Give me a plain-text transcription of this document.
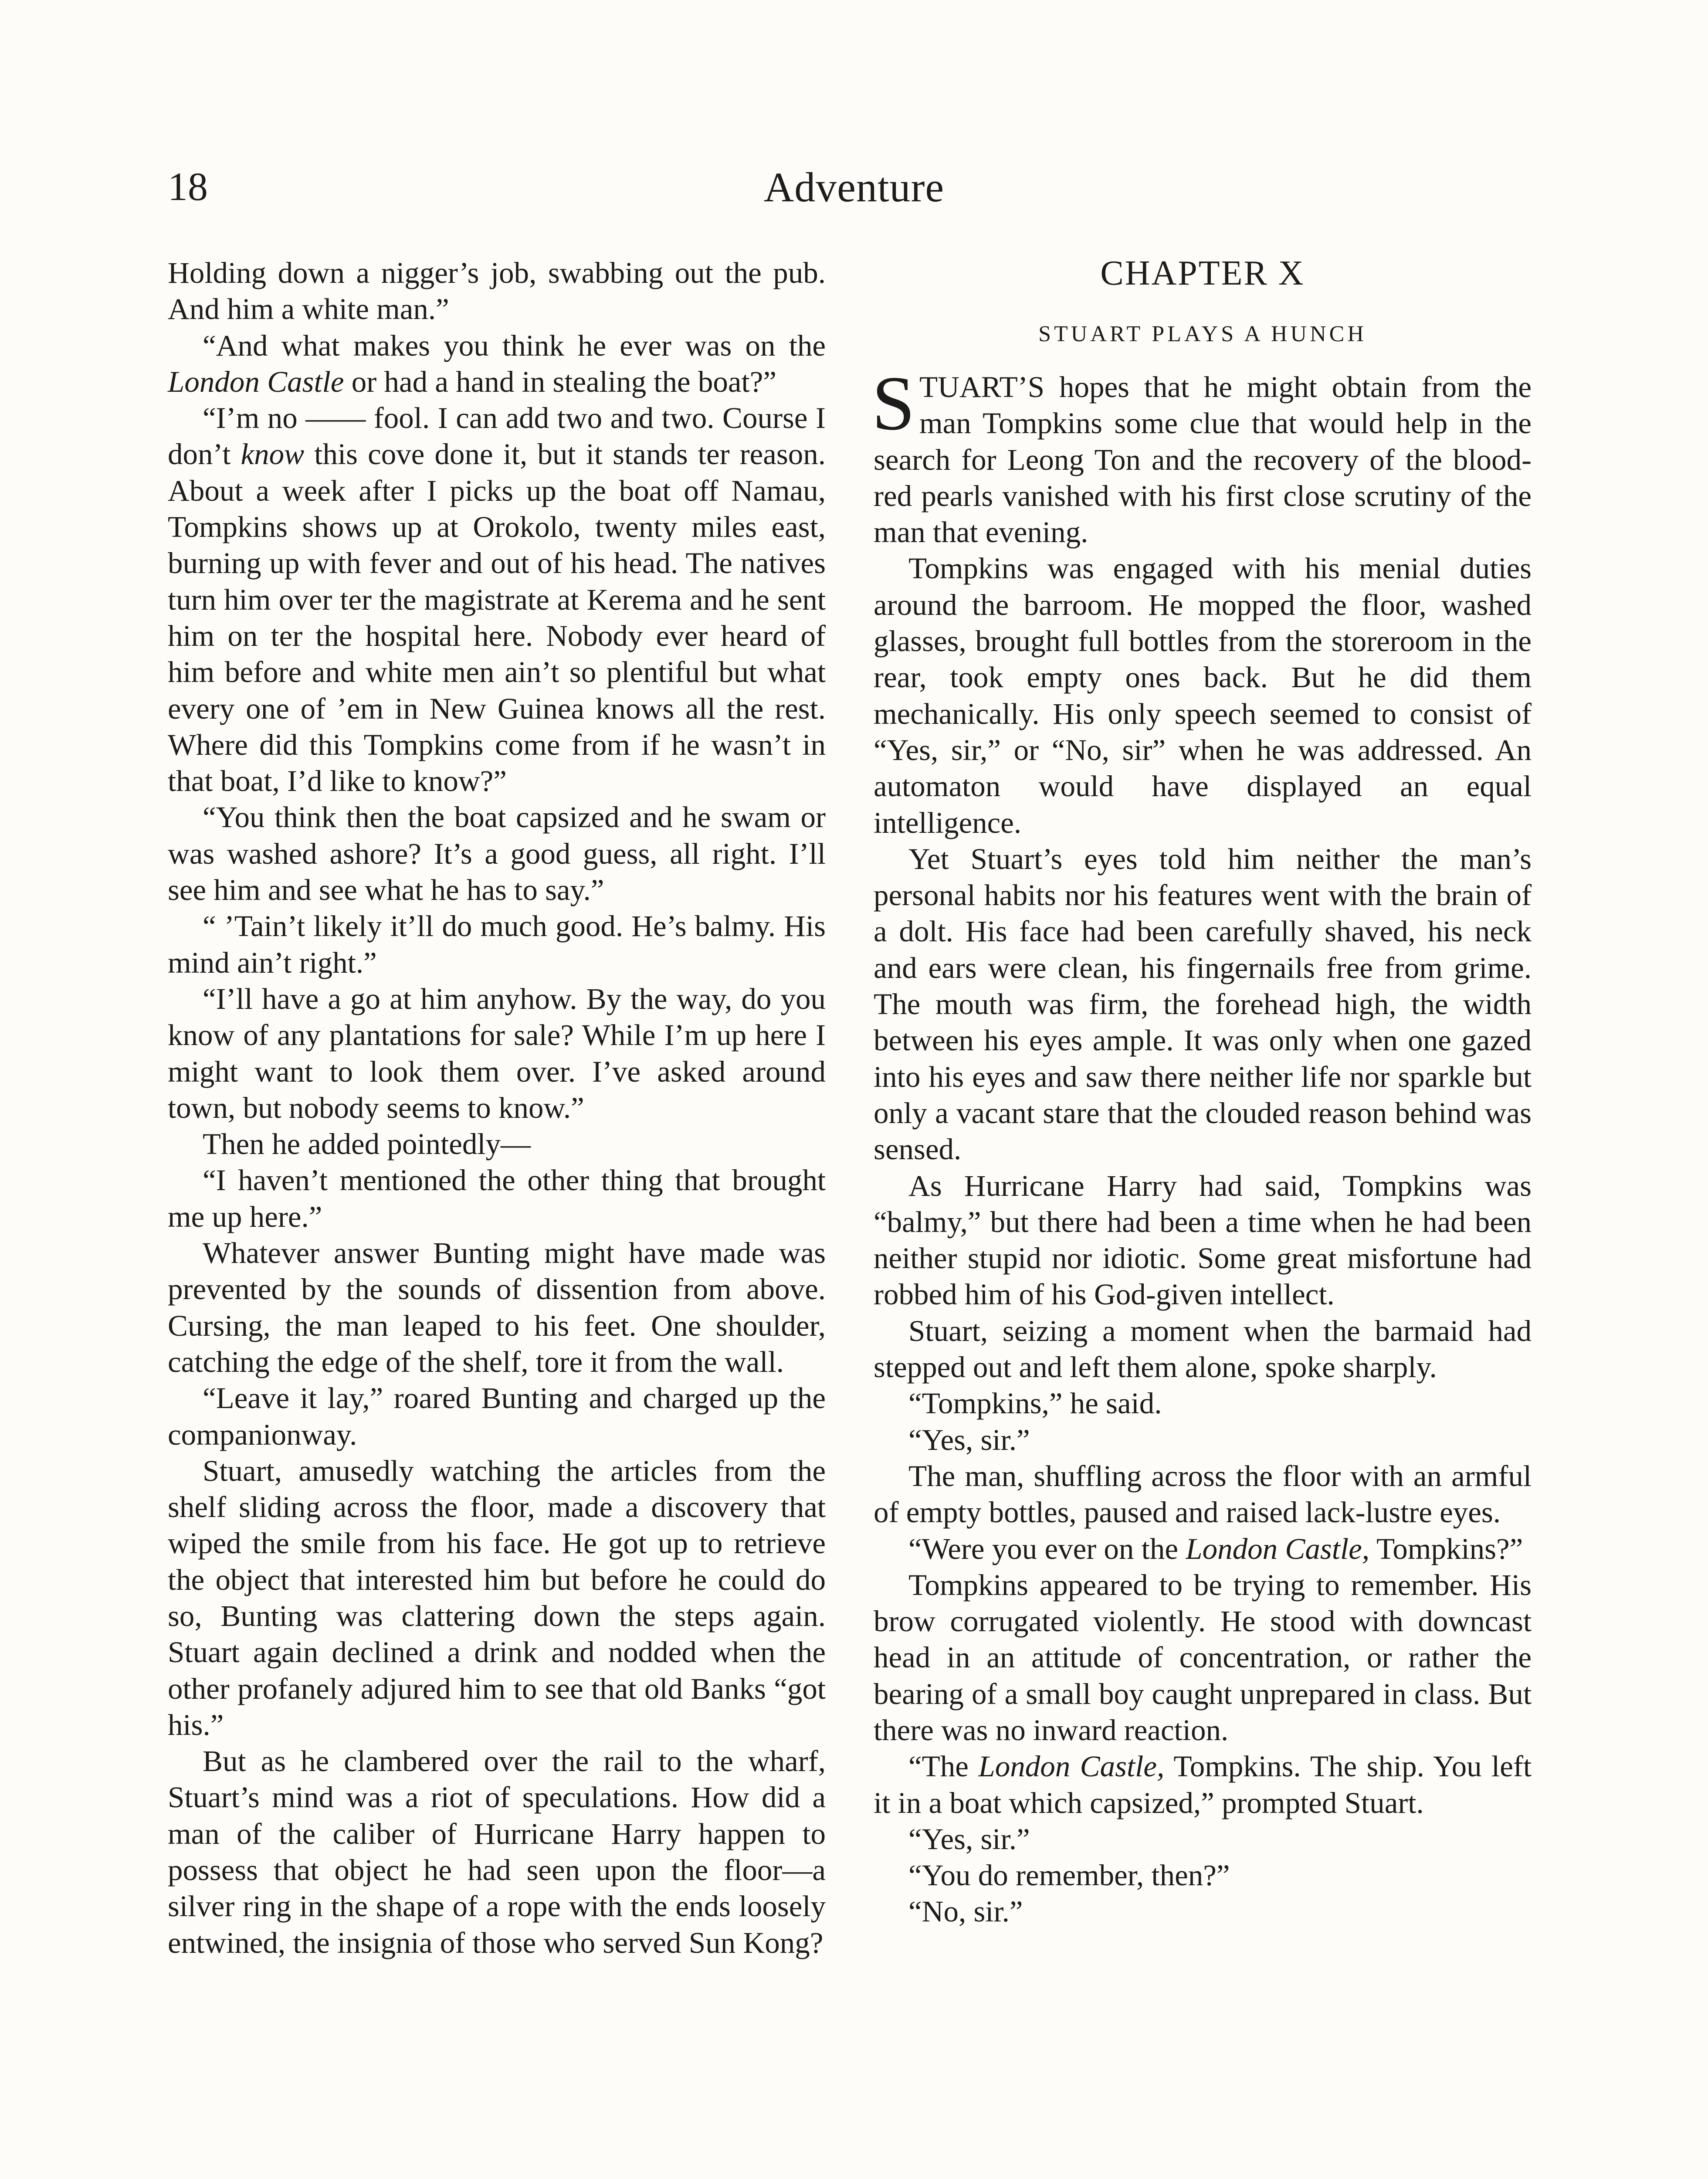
18	Adventure

Holding down a nigger’s job, swabbing out the pub. And him a white man.”

“And what makes you think he ever was on the London Castle or had a hand in stealing the boat?”

“I’m no —— fool. I can add two and two. Course I don’t know this cove done it, but it stands ter reason. About a week after I picks up the boat off Namau, Tompkins shows up at Orokolo, twenty miles east, burning up with fever and out of his head. The natives turn him over ter the magistrate at Kerema and he sent him on ter the hospital here. Nobody ever heard of him before and white men ain’t so plentiful but what every one of ’em in New Guinea knows all the rest. Where did this Tompkins come from if he wasn’t in that boat, I’d like to know?”

“You think then the boat capsized and he swam or was washed ashore? It’s a good guess, all right. I’ll see him and see what he has to say.”

“ ’Tain’t likely it’ll do much good. He’s balmy. His mind ain’t right.”

“I’ll have a go at him anyhow. By the way, do you know of any plantations for sale? While I’m up here I might want to look them over. I’ve asked around town, but nobody seems to know.”

Then he added pointedly—

“I haven’t mentioned the other thing that brought me up here.”

Whatever answer Bunting might have made was prevented by the sounds of dissention from above. Cursing, the man leaped to his feet. One shoulder, catching the edge of the shelf, tore it from the wall.

“Leave it lay,” roared Bunting and charged up the companionway.

Stuart, amusedly watching the articles from the shelf sliding across the floor, made a discovery that wiped the smile from his face. He got up to retrieve the object that interested him but before he could do so, Bunting was clattering down the steps again. Stuart again declined a drink and nodded when the other profanely adjured him to see that old Banks “got his.”

But as he clambered over the rail to the wharf, Stuart’s mind was a riot of speculations. How did a man of the caliber of Hurricane Harry happen to possess that object he had seen upon the floor—a silver ring in the shape of a rope with the ends loosely entwined, the insignia of those who served Sun Kong?

CHAPTER X
STUART PLAYS A HUNCH

STUART’S hopes that he might obtain from the man Tompkins some clue that would help in the search for Leong Ton and the recovery of the blood-red pearls vanished with his first close scrutiny of the man that evening.

Tompkins was engaged with his menial duties around the barroom. He mopped the floor, washed glasses, brought full bottles from the storeroom in the rear, took empty ones back. But he did them mechanically. His only speech seemed to consist of “Yes, sir,” or “No, sir” when he was addressed. An automaton would have displayed an equal intelligence.

Yet Stuart’s eyes told him neither the man’s personal habits nor his features went with the brain of a dolt. His face had been carefully shaved, his neck and ears were clean, his fingernails free from grime. The mouth was firm, the forehead high, the width between his eyes ample. It was only when one gazed into his eyes and saw there neither life nor sparkle but only a vacant stare that the clouded reason behind was sensed.

As Hurricane Harry had said, Tompkins was “balmy,” but there had been a time when he had been neither stupid nor idiotic. Some great misfortune had robbed him of his God-given intellect.

Stuart, seizing a moment when the barmaid had stepped out and left them alone, spoke sharply.

“Tompkins,” he said.

“Yes, sir.”

The man, shuffling across the floor with an armful of empty bottles, paused and raised lack-lustre eyes.

“Were you ever on the London Castle, Tompkins?”

Tompkins appeared to be trying to remember. His brow corrugated violently. He stood with downcast head in an attitude of concentration, or rather the bearing of a small boy caught unprepared in class. But there was no inward reaction.

“The London Castle, Tompkins. The ship. You left it in a boat which capsized,” prompted Stuart.

“Yes, sir.”

“You do remember, then?”

“No, sir.”
